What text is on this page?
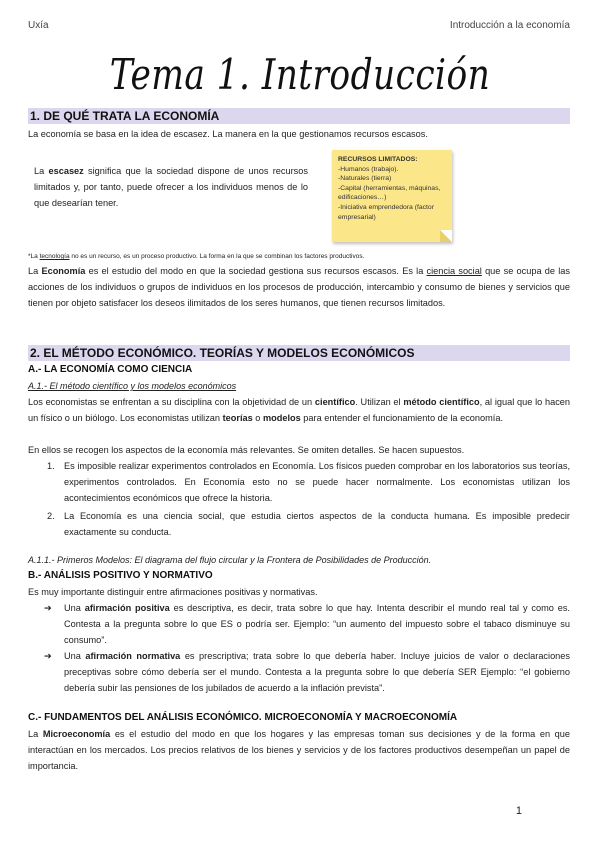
Uxía	Introducción a la economía
Tema 1. Introducción
1. DE QUÉ TRATA LA ECONOMÍA
La economía se basa en la idea de escasez. La manera en la que gestionamos recursos escasos.
La escasez significa que la sociedad dispone de unos recursos limitados y, por tanto, puede ofrecer a los individuos menos de lo que desearían tener.
RECURSOS LIMITADOS:
-Humanos (trabajo).
-Naturales (tierra)
-Capital (herramientas, máquinas, edificaciones…)
-Iniciativa emprendedora (factor empresarial)
*La tecnología no es un recurso, es un proceso productivo. La forma en la que se combinan los factores productivos.
La Economía es el estudio del modo en que la sociedad gestiona sus recursos escasos. Es la ciencia social que se ocupa de las acciones de los individuos o grupos de individuos en los procesos de producción, intercambio y consumo de bienes y servicios que tienen por objeto satisfacer los deseos ilimitados de los seres humanos, que tienen recursos limitados.
2. EL MÉTODO ECONÓMICO. TEORÍAS Y MODELOS ECONÓMICOS
A.- LA ECONOMÍA COMO CIENCIA
A.1.- El método científico y los modelos económicos
Los economistas se enfrentan a su disciplina con la objetividad de un científico. Utilizan el método científico, al igual que lo hacen un físico o un biólogo. Los economistas utilizan teorías o modelos para entender el funcionamiento de la economía.
En ellos se recogen los aspectos de la economía más relevantes. Se omiten detalles. Se hacen supuestos.
1. Es imposible realizar experimentos controlados en Economía. Los físicos pueden comprobar en los laboratorios sus teorías, experimentos controlados. En Economía esto no se puede hacer normalmente. Los economistas utilizan los acontecimientos económicos que ofrece la historia.
2. La Economía es una ciencia social, que estudia ciertos aspectos de la conducta humana. Es imposible predecir exactamente su conducta.
A.1.1.- Primeros Modelos: El diagrama del flujo circular y la Frontera de Posibilidades de Producción.
B.- ANÁLISIS POSITIVO Y NORMATIVO
Es muy importante distinguir entre afirmaciones positivas y normativas.
➔ Una afirmación positiva es descriptiva, es decir, trata sobre lo que hay. Intenta describir el mundo real tal y como es. Contesta a la pregunta sobre lo que ES o podría ser. Ejemplo: “un aumento del impuesto sobre el tabaco disminuye su consumo”.
➔ Una afirmación normativa es prescriptiva; trata sobre lo que debería haber. Incluye juicios de valor o declaraciones preceptivas sobre cómo debería ser el mundo. Contesta a la pregunta sobre lo que debería SER Ejemplo: “el gobierno debería subir las pensiones de los jubilados de acuerdo a la inflación prevista”.
C.- FUNDAMENTOS DEL ANÁLISIS ECONÓMICO. MICROECONOMÍA Y MACROECONOMÍA
La Microeconomía es el estudio del modo en que los hogares y las empresas toman sus decisiones y de la forma en que interactúan en los mercados. Los precios relativos de los bienes y servicios y de los factores productivos desempeñan un papel de importancia.
1
